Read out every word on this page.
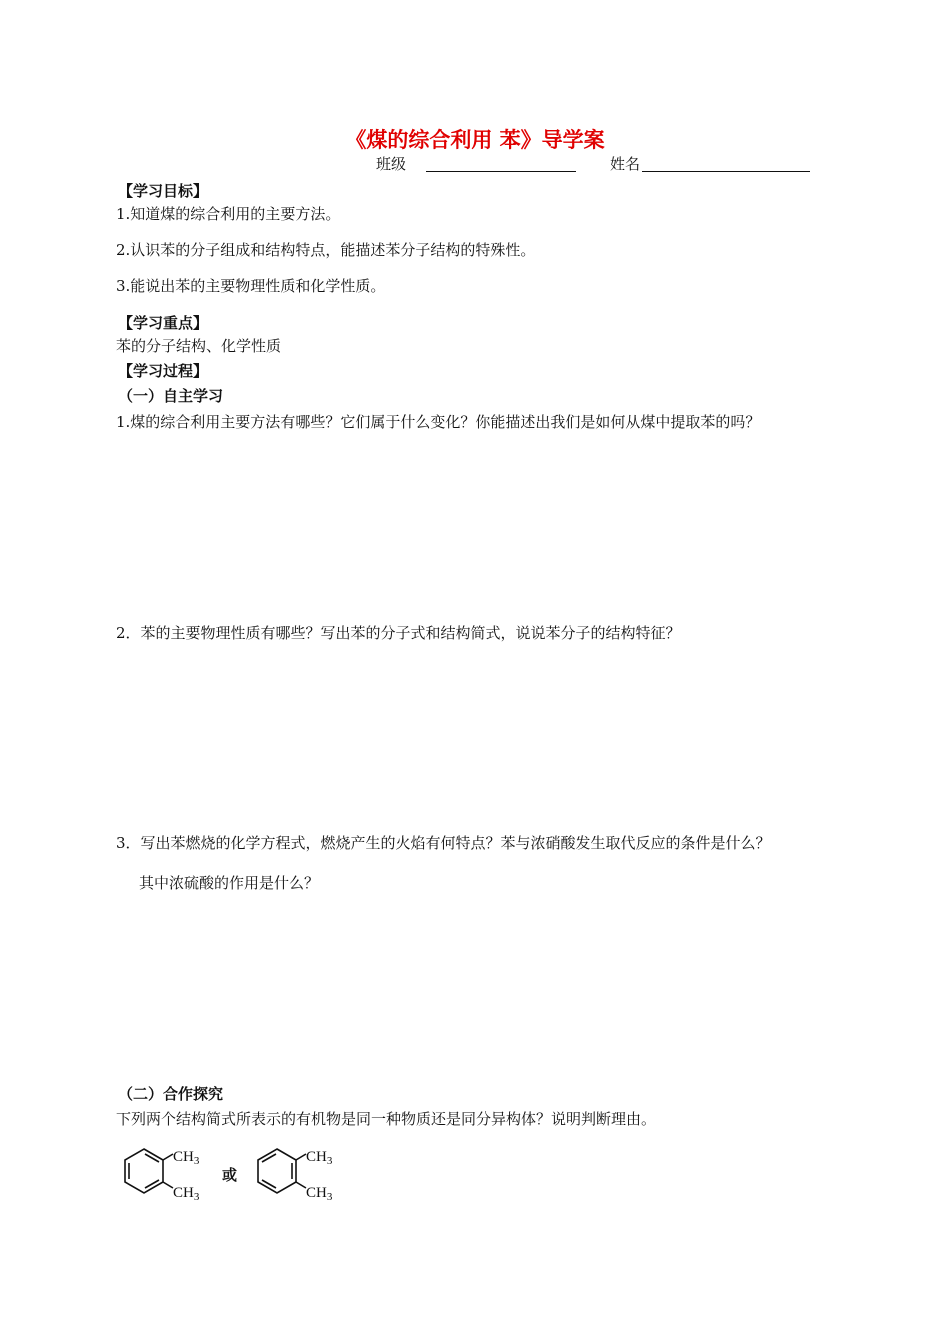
《煤的综合利用 苯》导学案
班级	姓名
【学习目标】
1.知道煤的综合利用的主要方法。
2.认识苯的分子组成和结构特点，能描述苯分子结构的特殊性。
3.能说出苯的主要物理性质和化学性质。
【学习重点】
苯的分子结构、化学性质
【学习过程】
（一）自主学习
1.煤的综合利用主要方法有哪些？它们属于什么变化？你能描述出我们是如何从煤中提取苯的吗？
2．苯的主要物理性质有哪些？写出苯的分子式和结构简式，说说苯分子的结构特征？
3．写出苯燃烧的化学方程式，燃烧产生的火焰有何特点？苯与浓硝酸发生取代反应的条件是什么？
其中浓硫酸的作用是什么？
（二）合作探究
下列两个结构简式所表示的有机物是同一种物质还是同分异构体？说明判断理由。
$CH_3$
$CH_3$
或
$CH_3$
$CH_3$
